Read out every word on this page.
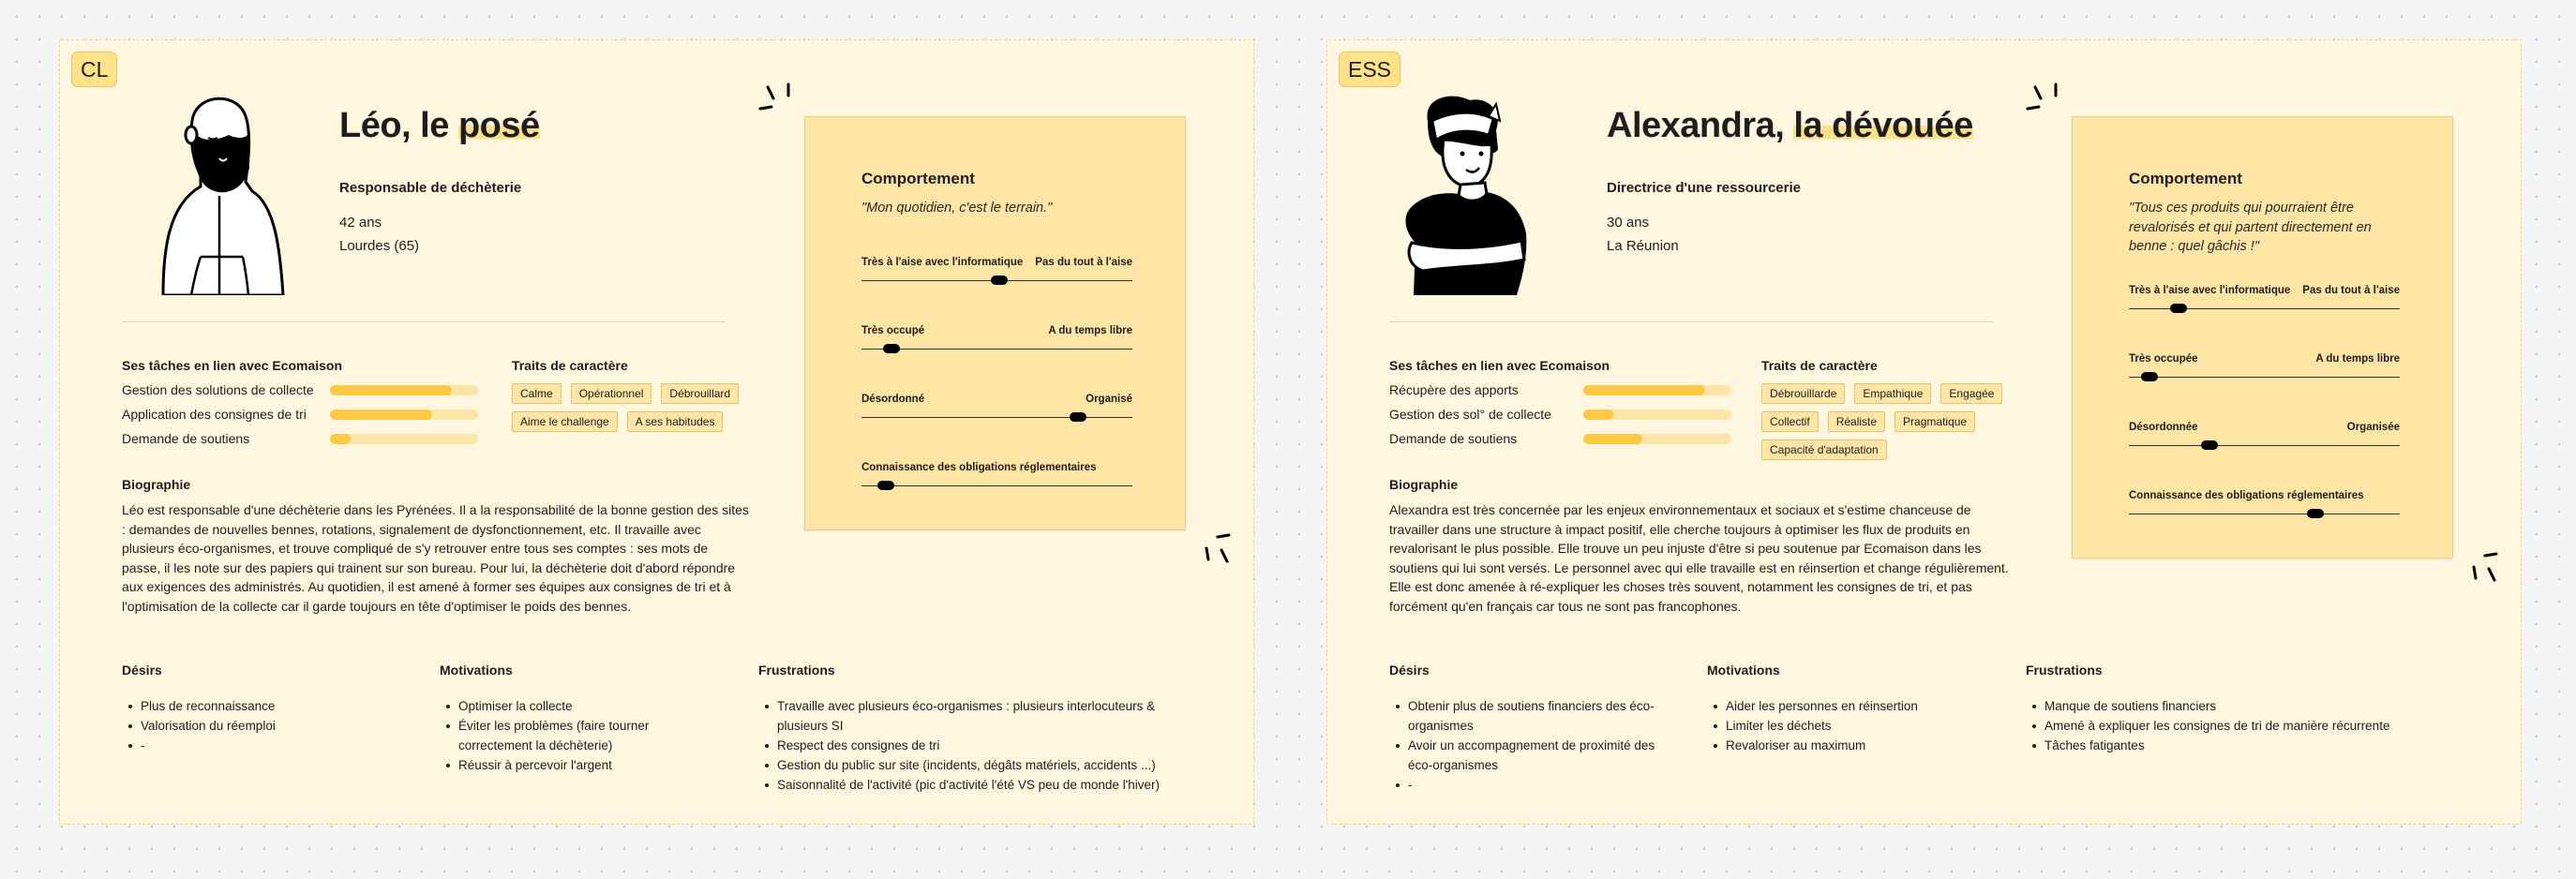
CL
Léo, le posé
Responsable de déchèterie
42 ans
Lourdes (65)
Ses tâches en lien avec Ecomaison
Gestion des solutions de collecte
Application des consignes de tri
Demande de soutiens
Traits de caractère
Calme	Opérationnel	Débrouillard
Aime le challenge	A ses habitudes
Biographie

Léo est responsable d'une déchèterie dans les Pyrénées. Il a la responsabilité de la bonne gestion des sites : demandes de nouvelles bennes, rotations, signalement de dysfonctionnement, etc. Il travaille avec plusieurs éco-organismes, et trouve compliqué de s'y retrouver entre tous ses comptes : ses mots de passe, il les note sur des papiers qui trainent sur son bureau. Pour lui, la déchèterie doit d'abord répondre aux exigences des administrés. Au quotidien, il est amené à former ses équipes aux consignes de tri et à l'optimisation de la collecte car il garde toujours en tête d'optimiser le poids des bennes.

Désirs
Plus de reconnaissance
Valorisation du réemploi
-
Motivations
Optimiser la collecte
Éviter les problèmes (faire tourner correctement la déchèterie)
Réussir à percevoir l'argent
Frustrations
Travaille avec plusieurs éco-organismes : plusieurs interlocuteurs & plusieurs SI
Respect des consignes de tri
Gestion du public sur site (incidents, dégâts matériels, accidents ...)
Saisonnalité de l'activité (pic d'activité l'été VS peu de monde l'hiver)
Comportement
"Mon quotidien, c'est le terrain."
Très à l'aise avec l'informatique Pas du tout à l'aise
Très occupé	A du temps libre
Désordonné	Organisé
Connaissance des obligations réglementaires
ESS
Alexandra, la dévouée
Directrice d'une ressourcerie
30 ans
La Réunion
Ses tâches en lien avec Ecomaison
Récupère des apports
Gestion des sol° de collecte
Demande de soutiens
Traits de caractère
Débrouillarde	Empathique	Engagée
Collectif	Réaliste	Pragmatique
Capacité d'adaptation
Biographie

Alexandra est très concernée par les enjeux environnementaux et sociaux et s'estime chanceuse de travailler dans une structure à impact positif, elle cherche toujours à optimiser les flux de produits en revalorisant le plus possible. Elle trouve un peu injuste d'être si peu soutenue par Ecomaison dans les soutiens qui lui sont versés. Le personnel avec qui elle travaille est en réinsertion et change régulièrement. Elle est donc amenée à ré-expliquer les choses très souvent, notamment les consignes de tri, et pas forcément qu'en français car tous ne sont pas francophones.

Désirs
Obtenir plus de soutiens financiers des éco-organismes
Avoir un accompagnement de proximité des éco-organismes
-
Motivations
Aider les personnes en réinsertion
Limiter les déchets
Revaloriser au maximum
Frustrations
Manque de soutiens financiers
Amené à expliquer les consignes de tri de manière récurrente
Tâches fatigantes
Comportement
"Tous ces produits qui pourraient être revalorisés et qui partent directement en benne : quel gâchis !"
Très à l'aise avec l'informatique Pas du tout à l'aise
Très occupée	A du temps libre
Désordonnée	Organisée
Connaissance des obligations réglementaires
